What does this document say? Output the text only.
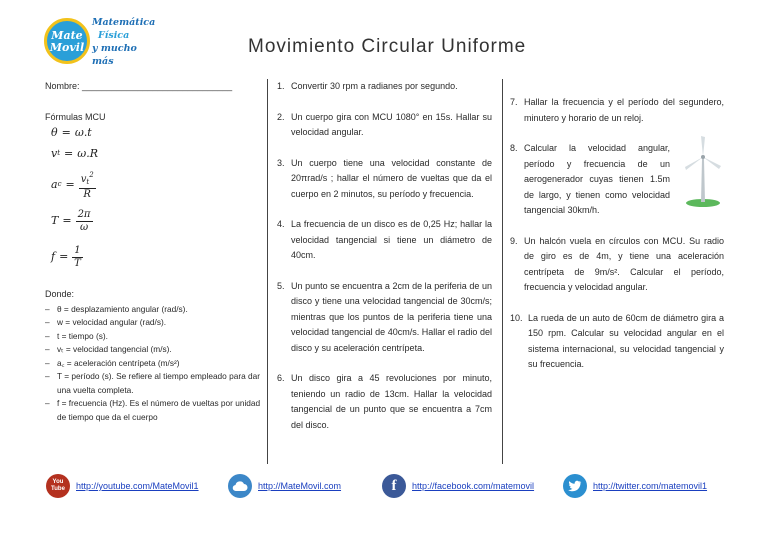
Mate
Movil
Matemática
Física
y mucho más
Movimiento Circular Uniforme
Nombre: ______________________________
Fórmulas MCU
θ = ω.t
v t = ω.R
a $c = \frac{v_t^2}{R}$
$T = \frac{2\pi}{\omega}$
$f = \frac{1}{T}$
Donde:
– θ = desplazamiento angular (rad/s).
– w = velocidad angular (rad/s).
– t = tiempo (s).
– vₜ = velocidad tangencial (m/s).
– a꜀ = aceleración centrípeta (m/s²)
– T = período (s). Se refiere al tiempo empleado para dar una vuelta completa.
– f = frecuencia (Hz). Es el número de vueltas por unidad de tiempo que da el cuerpo
1. Convertir 30 rpm a radianes por segundo.
2. Un cuerpo gira con MCU 1080° en 15s. Hallar su velocidad angular.
3. Un cuerpo tiene una velocidad constante de 20πrad/s ; hallar el número de vueltas que da el cuerpo en 2 minutos, su período y frecuencia.
4. La frecuencia de un disco es de 0,25 Hz; hallar la velocidad tangencial si tiene un diámetro de 40cm.
5. Un punto se encuentra a 2cm de la periferia de un disco y tiene una velocidad tangencial de 30cm/s; mientras que los puntos de la periferia tiene una velocidad tangencial de 40cm/s. Hallar el radio del disco y su aceleración centrípeta.
6. Un disco gira a 45 revoluciones por minuto, teniendo un radio de 13cm. Hallar la velocidad tangencial de un punto que se encuentra a 7cm del disco.
7. Hallar la frecuencia y el período del segundero, minutero y horario de un reloj.
8. Calcular la velocidad angular, período y frecuencia de un aerogenerador cuyas tienen 1.5m de largo, y tienen como velocidad tangencial 30km/h.
9. Un halcón vuela en círculos con MCU. Su radio de giro es de 4m, y tiene una aceleración centrípeta de 9m/s². Calcular el período, frecuencia y velocidad angular.
10. La rueda de un auto de 60cm de diámetro gira a 150 rpm. Calcular su velocidad angular en el sistema internacional, su velocidad tangencial y su frecuencia.
You Tube	http://youtube.com/MateMovil1	http://MateMovil.com	f	http://facebook.com/matemovil	http://twitter.com/matemovil1
